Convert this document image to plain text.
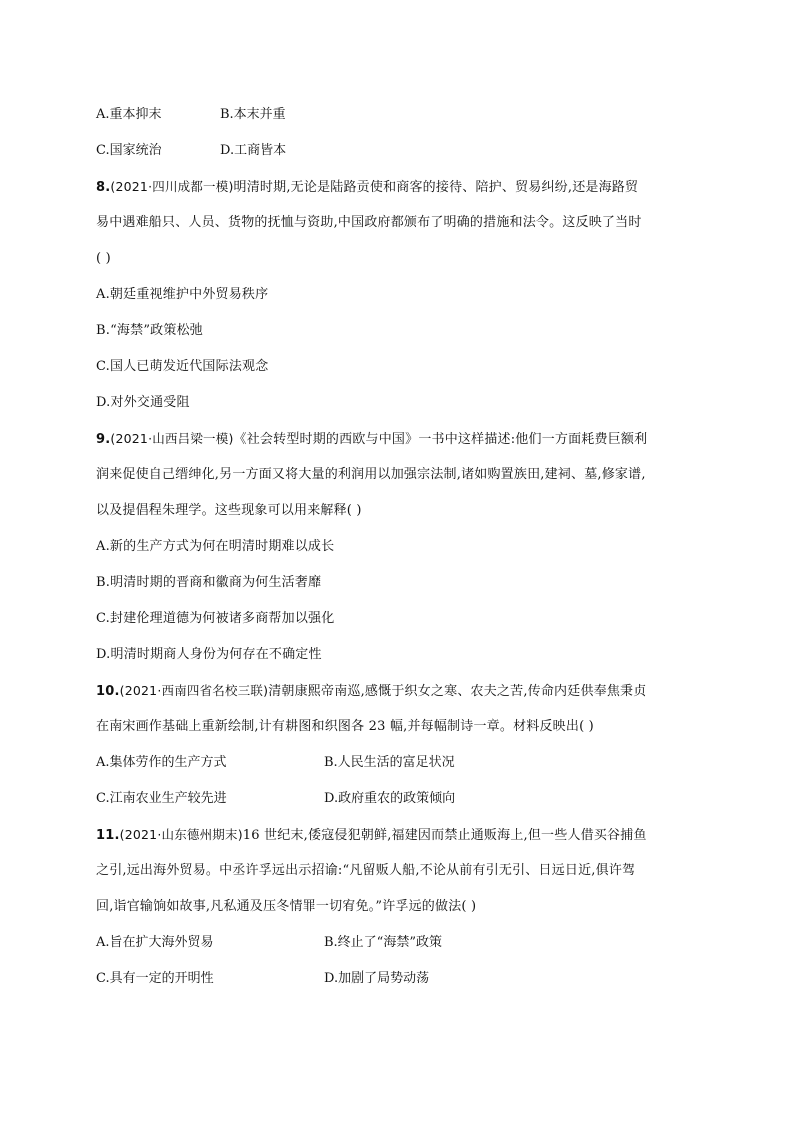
A.重本抑末	B.本末并重
C.国家统治	D.工商皆本
8.(2021·四川成都一模)明清时期,无论是陆路贡使和商客的接待、陪护、贸易纠纷,还是海路贸
易中遇难船只、人员、货物的抚恤与资助,中国政府都颁布了明确的措施和法令。这反映了当时
( )
A.朝廷重视维护中外贸易秩序
B.“海禁”政策松弛
C.国人已萌发近代国际法观念
D.对外交通受阻
9.(2021·山西吕梁一模)《社会转型时期的西欧与中国》一书中这样描述:他们一方面耗费巨额利
润来促使自己缙绅化,另一方面又将大量的利润用以加强宗法制,诸如购置族田,建祠、墓,修家谱,
以及提倡程朱理学。这些现象可以用来解释( )
A.新的生产方式为何在明清时期难以成长
B.明清时期的晋商和徽商为何生活奢靡
C.封建伦理道德为何被诸多商帮加以强化
D.明清时期商人身份为何存在不确定性
10.(2021·西南四省名校三联)清朝康熙帝南巡,感慨于织女之寒、农夫之苦,传命内廷供奉焦秉贞
在南宋画作基础上重新绘制,计有耕图和织图各 23 幅,并每幅制诗一章。材料反映出( )
A.集体劳作的生产方式	B.人民生活的富足状况
C.江南农业生产较先进	D.政府重农的政策倾向
11.(2021·山东德州期末)16 世纪末,倭寇侵犯朝鲜,福建因而禁止通贩海上,但一些人借买谷捕鱼
之引,远出海外贸易。中丞许孚远出示招谕:“凡留贩人船,不论从前有引无引、日远日近,俱许驾
回,诣官输饷如故事,凡私通及压冬情罪一切宥免。”许孚远的做法( )
A.旨在扩大海外贸易	B.终止了“海禁”政策
C.具有一定的开明性	D.加剧了局势动荡
